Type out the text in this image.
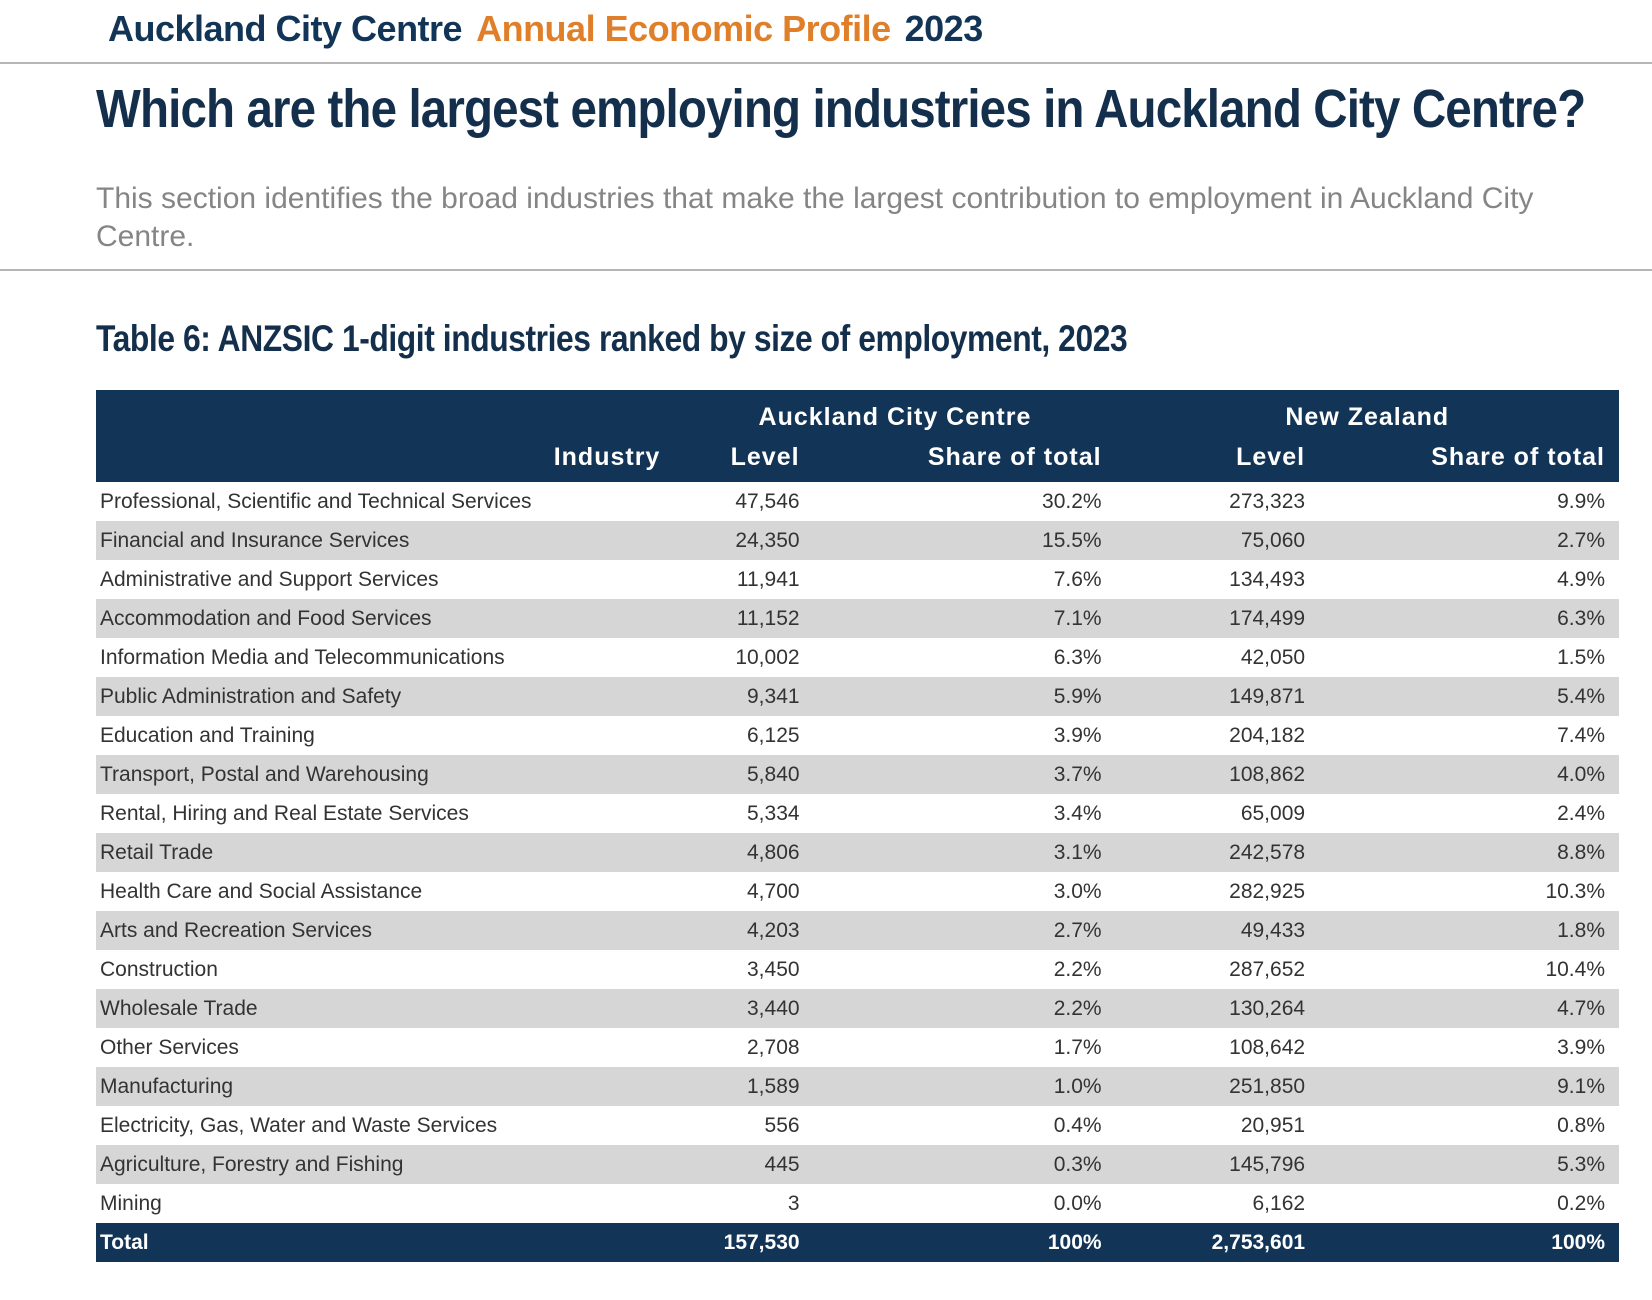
Auckland City Centre Annual Economic Profile 2023
Which are the largest employing industries in Auckland City Centre?
This section identifies the broad industries that make the largest contribution to employment in Auckland City Centre.
Table 6: ANZSIC 1-digit industries ranked by size of employment, 2023
	Auckland City Centre		New Zealand	
Industry	Level	Share of total	Level	Share of total
Professional, Scientific and Technical Services	47,546	30.2%	273,323	9.9%
Financial and Insurance Services	24,350	15.5%	75,060	2.7%
Administrative and Support Services	11,941	7.6%	134,493	4.9%
Accommodation and Food Services	11,152	7.1%	174,499	6.3%
Information Media and Telecommunications	10,002	6.3%	42,050	1.5%
Public Administration and Safety	9,341	5.9%	149,871	5.4%
Education and Training	6,125	3.9%	204,182	7.4%
Transport, Postal and Warehousing	5,840	3.7%	108,862	4.0%
Rental, Hiring and Real Estate Services	5,334	3.4%	65,009	2.4%
Retail Trade	4,806	3.1%	242,578	8.8%
Health Care and Social Assistance	4,700	3.0%	282,925	10.3%
Arts and Recreation Services	4,203	2.7%	49,433	1.8%
Construction	3,450	2.2%	287,652	10.4%
Wholesale Trade	3,440	2.2%	130,264	4.7%
Other Services	2,708	1.7%	108,642	3.9%
Manufacturing	1,589	1.0%	251,850	9.1%
Electricity, Gas, Water and Waste Services	556	0.4%	20,951	0.8%
Agriculture, Forestry and Fishing	445	0.3%	145,796	5.3%
Mining	3	0.0%	6,162	0.2%
Total	157,530	100%	2,753,601	100%
